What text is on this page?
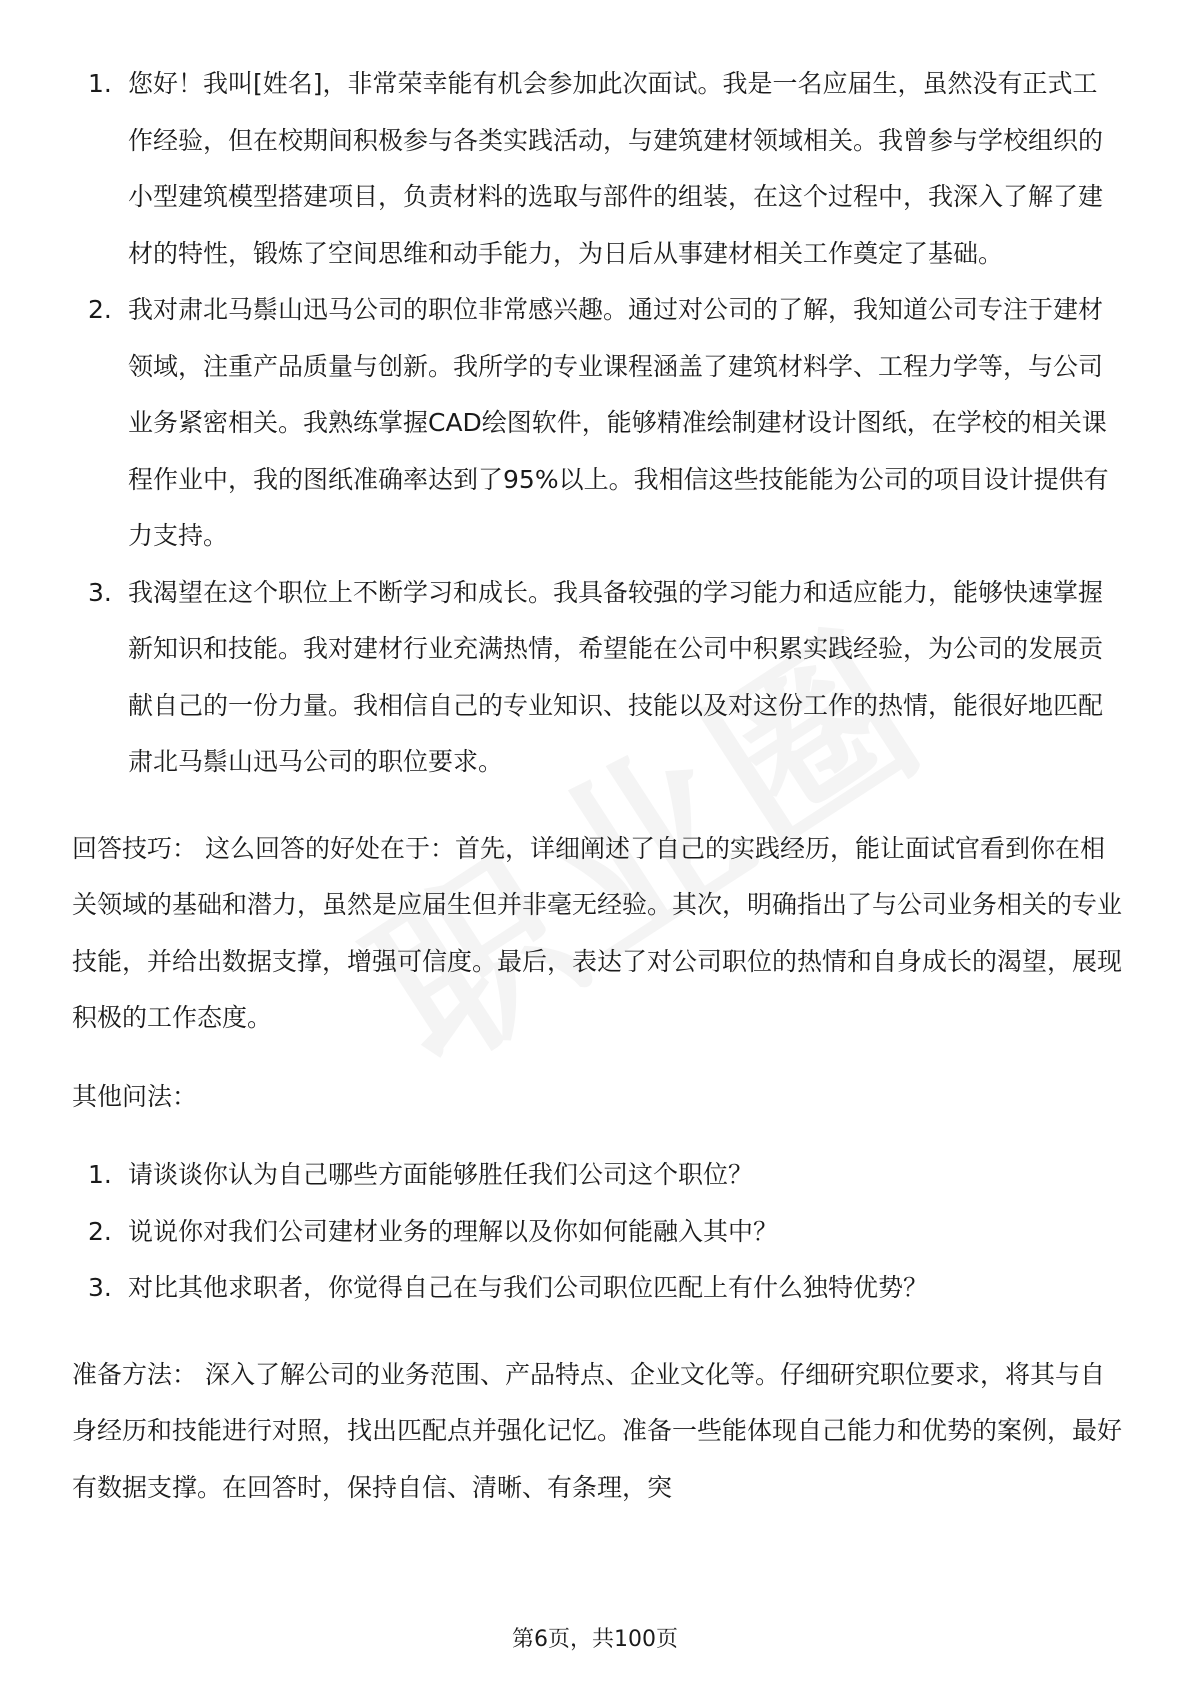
您好！我叫[姓名]，非常荣幸能有机会参加此次面试。我是一名应届生，虽然没有正式工作经验，但在校期间积极参与各类实践活动，与建筑建材领域相关。我曾参与学校组织的小型建筑模型搭建项目，负责材料的选取与部件的组装，在这个过程中，我深入了解了建材的特性，锻炼了空间思维和动手能力，为日后从事建材相关工作奠定了基础。
我对肃北马鬃山迅马公司的职位非常感兴趣。通过对公司的了解，我知道公司专注于建材领域，注重产品质量与创新。我所学的专业课程涵盖了建筑材料学、工程力学等，与公司业务紧密相关。我熟练掌握CAD绘图软件，能够精准绘制建材设计图纸，在学校的相关课程作业中，我的图纸准确率达到了95%以上。我相信这些技能能为公司的项目设计提供有力支持。
我渴望在这个职位上不断学习和成长。我具备较强的学习能力和适应能力，能够快速掌握新知识和技能。我对建材行业充满热情，希望能在公司中积累实践经验，为公司的发展贡献自己的一份力量。我相信自己的专业知识、技能以及对这份工作的热情，能很好地匹配肃北马鬃山迅马公司的职位要求。

回答技巧： 这么回答的好处在于：首先，详细阐述了自己的实践经历，能让面试官看到你在相关领域的基础和潜力，虽然是应届生但并非毫无经验。其次，明确指出了与公司业务相关的专业技能，并给出数据支撑，增强可信度。最后，表达了对公司职位的热情和自身成长的渴望，展现积极的工作态度。

其他问法：

请谈谈你认为自己哪些方面能够胜任我们公司这个职位？
说说你对我们公司建材业务的理解以及你如何能融入其中？
对比其他求职者，你觉得自己在与我们公司职位匹配上有什么独特优势？

准备方法： 深入了解公司的业务范围、产品特点、企业文化等。仔细研究职位要求，将其与自身经历和技能进行对照，找出匹配点并强化记忆。准备一些能体现自己能力和优势的案例，最好有数据支撑。在回答时，保持自信、清晰、有条理，突

第6页，共100页
